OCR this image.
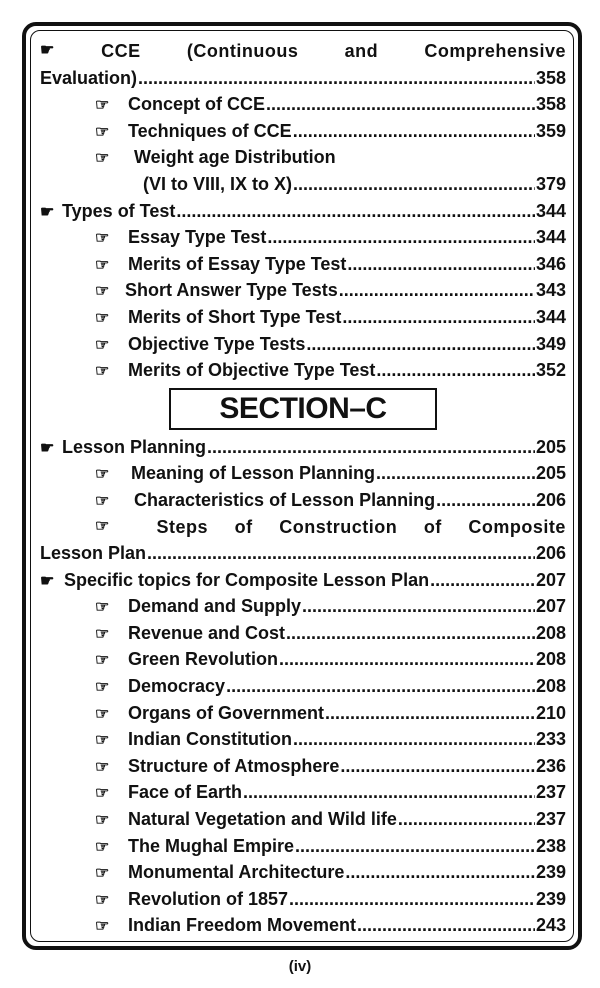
☛	CCE	(Continuous	and	Comprehensive
Evaluation) .....	358
☞	Concept of CCE .....	358
☞	Techniques of CCE .....	359
☞	Weight age Distribution
(VI to VIII, IX to X) .....	379
☛ Types of Test .....	344
☞	Essay Type Test .....	344
☞	Merits of Essay Type Test .....	346
☞ Short Answer Type Tests .....	343
☞	Merits of Short Type Test .....	344
☞	Objective Type Tests .....	349
☞	Merits of Objective Type Test .....	352
SECTION–C
☛ Lesson Planning .....	205
☞	Meaning of Lesson Planning .....	205
☞	Characteristics of Lesson Planning .....	206
☞	Steps of Construction of Composite
Lesson Plan .....	206
☛ Specific topics for Composite Lesson Plan .....	207
☞	Demand and Supply .....	207
☞	Revenue and Cost .....	208
☞	Green Revolution .....	208
☞	Democracy .....	208
☞	Organs of Government .....	210
☞	Indian Constitution .....	233
☞	Structure of Atmosphere .....	236
☞	Face of Earth .....	237
☞	Natural Vegetation and Wild life .....	237
☞	The Mughal Empire .....	238
☞	Monumental Architecture .....	239
☞	Revolution of 1857 .....	239
☞	Indian Freedom Movement .....	243
(iv)
